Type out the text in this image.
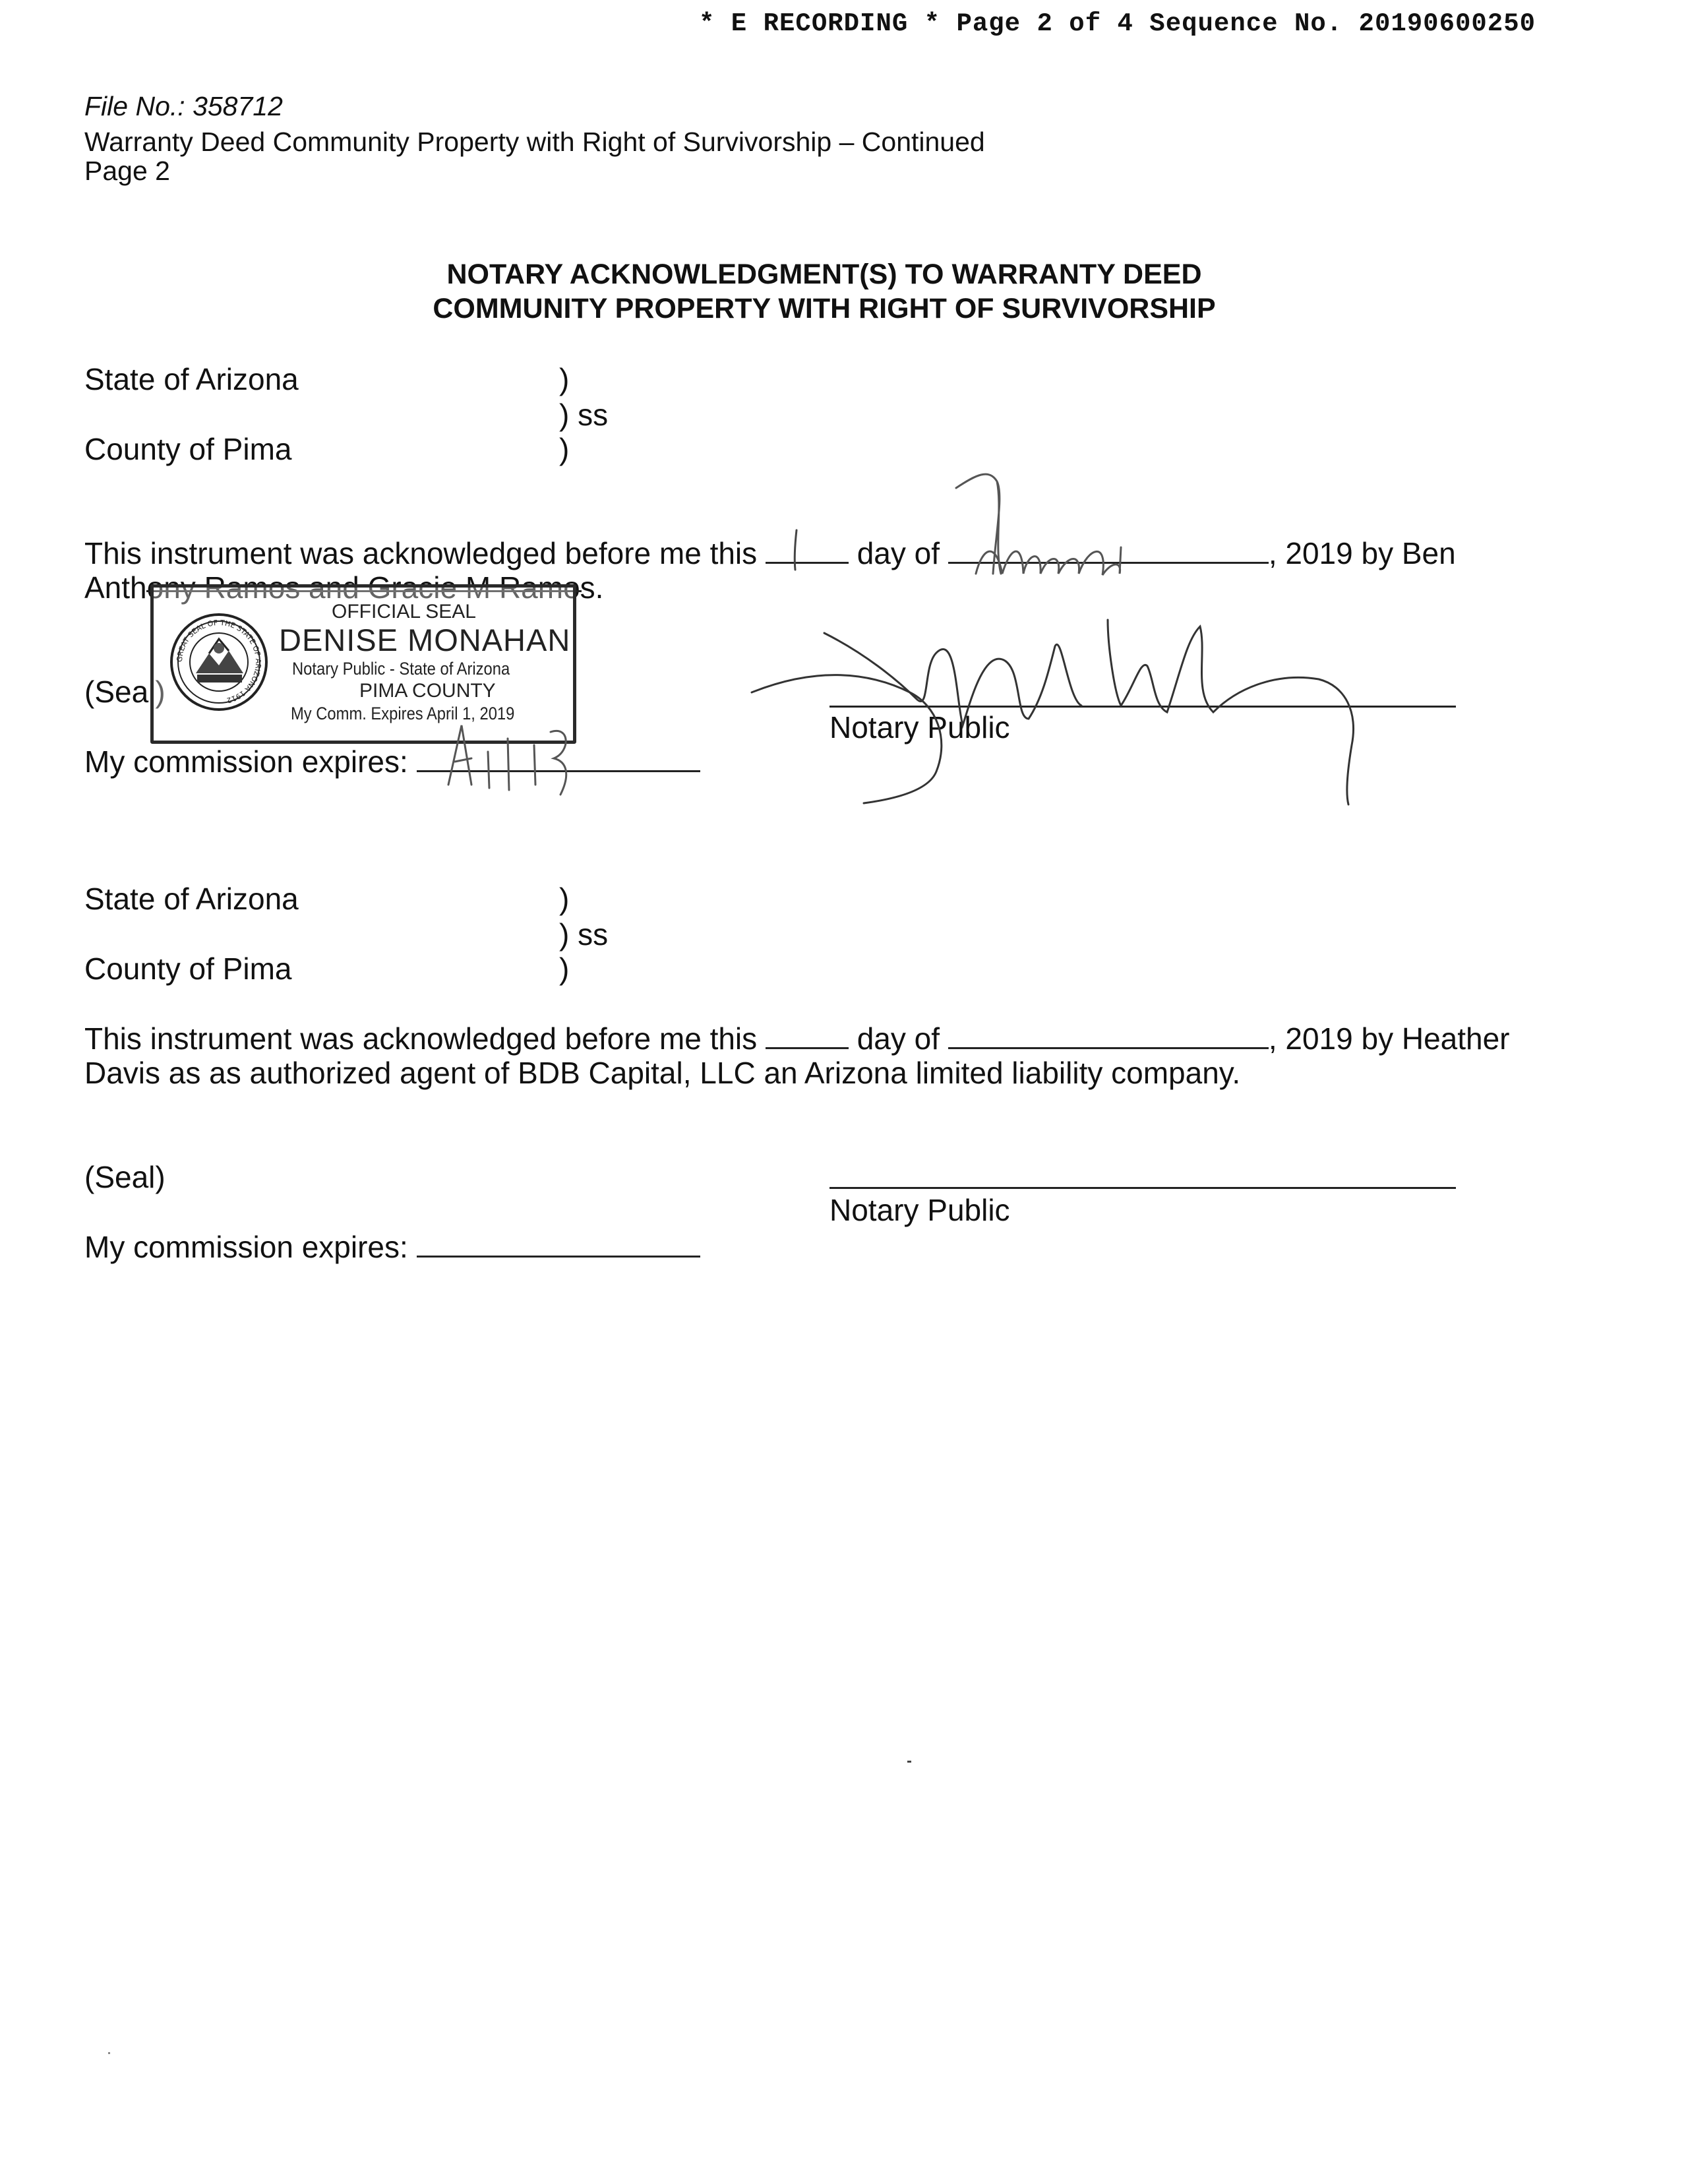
* E RECORDING * Page 2 of 4 Sequence No. 20190600250
File No.: 358712
Warranty Deed Community Property with Right of Survivorship – Continued
Page 2
NOTARY ACKNOWLEDGMENT(S) TO WARRANTY DEED
COMMUNITY PROPERTY WITH RIGHT OF SURVIVORSHIP
State of Arizona	)
) ss
County of Pima	)
This instrument was acknowledged before me this	day of	, 2019 by Ben
Anthony Ramos and Gracie M Ramos.
(Seal)
Notary Public
My commission expires:
GREAT SEAL OF THE STATE OF ARIZONA 1912
OFFICIAL SEAL
DENISE MONAHAN
Notary Public - State of Arizona
PIMA COUNTY
My Comm. Expires April 1, 2019
State of Arizona	)
) ss
County of Pima	)
This instrument was acknowledged before me this	day of	, 2019 by Heather
Davis as as authorized agent of BDB Capital, LLC an Arizona limited liability company.
(Seal)
Notary Public
My commission expires:
